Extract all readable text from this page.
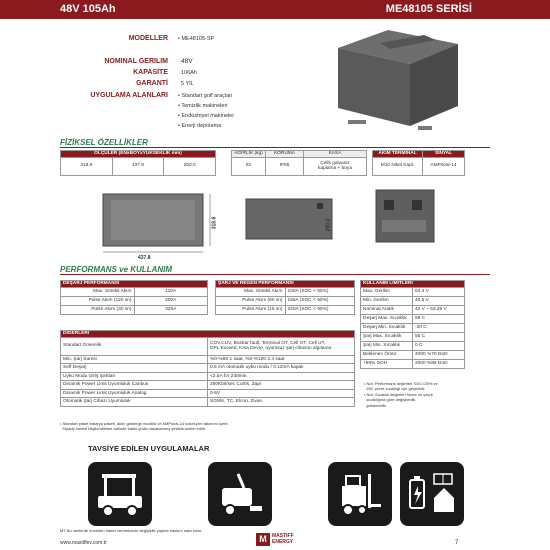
48V 105Ah	ME48105 SERİSİ
MODELLER • ME48105-SP
NOMINAL GERILIM 48V
KAPASİTE 106Ah
GARANTİ 5 YIL
UYGULAMA ALANLARI • Standart golf araçları
• Temizlik makineleri
• Endüstriyel makineler
• Enerji depolama
FİZİKSEL ÖZELLİKLER
ÖLÇÜLER (ENxBOYxYÜKSEKLİK mm)
318.6	437.8	250.0
AĞIRLIK (kg)	KORUMA	KASA
62	IP65	Çelik galvaniz
kaplama + boya
AKIM TERMİNAL	SİNYAL
M10 Nikel Kapl.	AMPseal-14
437.8
318.6	250.0
PERFORMANS ve KULLANIM
DEŞARJ PERFORMANSI	
Max. Sürekli Akım	110A
Pulse Akım (120 sn)	200A
Pulse Akım (30 sn)	320A
ŞARJ VE REGEN PERFORMANSI	
Max. Sürekli Akım	100A (SOC < 80%)
Pulse Akım (60 sn)	155A (SOC < 90%)
Pulse Akım (15 sn)	220A (SOC < 90%)
KULLANIM LİMİTLERİ	
Max. Gerilim	54.4 V
Min. Gerilim	40.5 V
Nominal Aralık	42 V – 53.25 V
Deşarj Max. Sıcaklık	58 C
Deşarj Min. Sıcaklık	-20 C
Şarj Max. Sıcaklık	55 C
Şarj Min. Sıcaklık	0 C
Beklenen Ömür	4000 %70 DoD
+80% SOH	2000 %85 DoD
• Not: Performans değerleri SOC<25% ve
25C çevre sıcaklığı için geçerlidir.
• Not: Sıcaklık değerleri hücre ve çevre
sıcaklığına göre değişkenlik
gösterebilir.
DİĞERLERİ	
Standart Güvenlik	COV,CUV, Busbar fault, Terminal OT, Cell OT, Cell UT,
DPL Exceed, Kısa Devre, uyumsuz şarj cihazını algılama

Min. Şarj Süresi	%0-%80 1 saat, %0-%100 2.4 saat
Self Deşarj	0.6 mA otomatik uyku modu / 0.12mA kapalı
Uyku Modu Giriş Şartları	<2.5A for 240min.
Dinamik Power Limit Uyumluluk Canbus	250Kbit/sec Curtis, Zapi
Dinamik Power Limit Uyumluluk Analog	0-5V
Otomatik Şarj Cihazı Uyumluluk	SGMS, TC, Elcon, Zivan
• Standart paket batarya paketi, akıllı gösterge modülü ve AMPseal-14 soket-pim takımını içerir.
Sipariş öncesi bilgilendirilme halinde kablo grubu tasarlanmış şekilde teslim edilir.
TAVSİYE EDİLEN UYGULAMALAR
MT Bu verilerde önceden haber vermeksizin değişiklik yapma hakkını saklı tutar.
www.mastiffev.com.tr	M	MASTIFF
ENERGY	7
